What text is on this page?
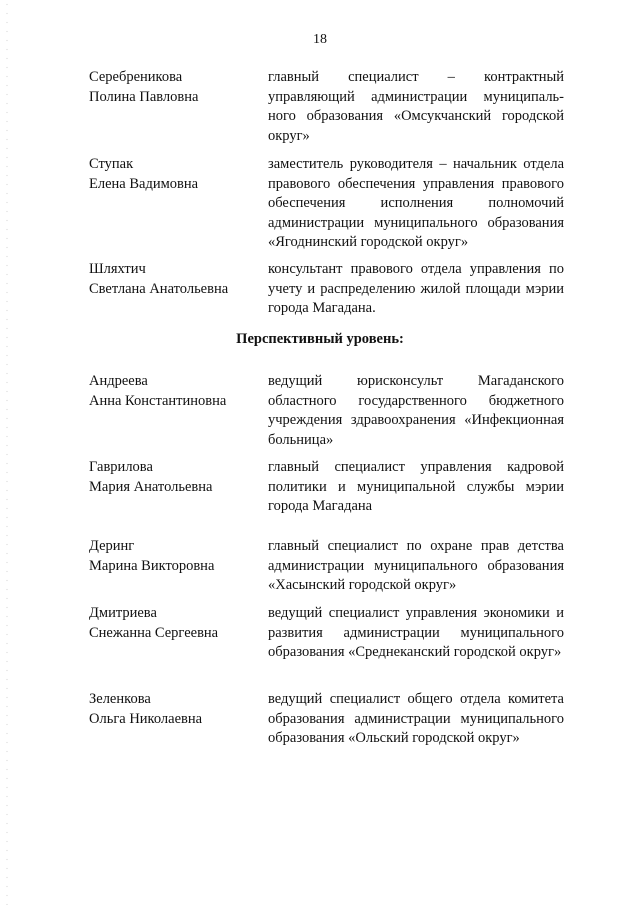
18
Серебреникова
Полина Павловна
главный специалист – контрактный управляющий администрации муниципаль-ного образования «Омсукчанский городской округ»
Ступак
Елена Вадимовна
заместитель руководителя – начальник отдела правового обеспечения управления правового обеспечения исполнения полномочий администрации муниципального образования «Ягоднинский городской округ»
Шляхтич
Светлана Анатольевна
консультант правового отдела управления по учету и распределению жилой площади мэрии города Магадана.
Перспективный уровень:
Андреева
Анна Константиновна
ведущий юрисконсульт Магаданского областного государственного бюджетного учреждения здравоохранения «Инфекционная больница»
Гаврилова
Мария Анатольевна
главный специалист управления кадровой политики и муниципальной службы мэрии города Магадана
Деринг
Марина Викторовна
главный специалист по охране прав детства администрации муниципального образования «Хасынский городской округ»
Дмитриева
Снежанна Сергеевна
ведущий специалист управления экономики и развития администрации муниципального образования «Среднеканский городской округ»
Зеленкова
Ольга Николаевна
ведущий специалист общего отдела комитета образования администрации муниципального образования «Ольский городской округ»
